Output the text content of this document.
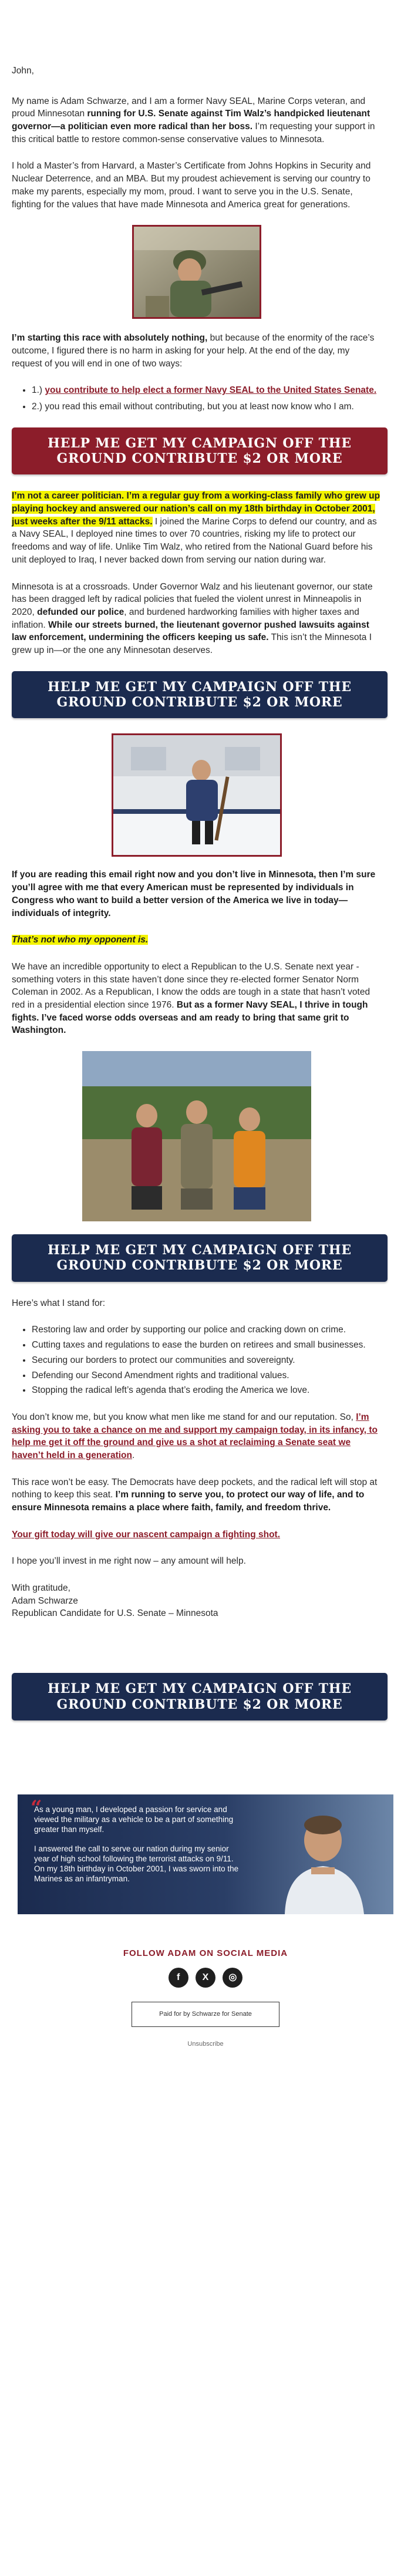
John,

My name is Adam Schwarze, and I am a former Navy SEAL, Marine Corps veteran, and proud Minnesotan running for U.S. Senate against Tim Walz’s handpicked lieutenant governor—a politician even more radical than her boss. I’m requesting your support in this critical battle to restore common-sense conservative values to Minnesota.

I hold a Master’s from Harvard, a Master’s Certificate from Johns Hopkins in Security and Nuclear Deterrence, and an MBA. But my proudest achievement is serving our country to make my parents, especially my mom, proud. I want to serve you in the U.S. Senate, fighting for the values that have made Minnesota and America great for generations.

I’m starting this race with absolutely nothing, but because of the enormity of the race’s outcome, I figured there is no harm in asking for your help. At the end of the day, my request of you will end in one of two ways:

• 1.) you contribute to help elect a former Navy SEAL to the United States Senate.
• 2.) you read this email without contributing, but you at least now know who I am.
HELP ME GET MY CAMPAIGN OFF THE GROUND CONTRIBUTE $2 OR MORE

I’m not a career politician. I’m a regular guy from a working-class family who grew up playing hockey and answered our nation’s call on my 18th birthday in October 2001, just weeks after the 9/11 attacks. I joined the Marine Corps to defend our country, and as a Navy SEAL, I deployed nine times to over 70 countries, risking my life to protect our freedoms and way of life. Unlike Tim Walz, who retired from the National Guard before his unit deployed to Iraq, I never backed down from serving our nation during war.

Minnesota is at a crossroads. Under Governor Walz and his lieutenant governor, our state has been dragged left by radical policies that fueled the violent unrest in Minneapolis in 2020, defunded our police, and burdened hardworking families with higher taxes and inflation. While our streets burned, the lieutenant governor pushed lawsuits against law enforcement, undermining the officers keeping us safe. This isn’t the Minnesota I grew up in—or the one any Minnesotan deserves.

HELP ME GET MY CAMPAIGN OFF THE GROUND CONTRIBUTE $2 OR MORE

If you are reading this email right now and you don’t live in Minnesota, then I’m sure you’ll agree with me that every American must be represented by individuals in Congress who want to build a better version of the America we live in today—individuals of integrity.

That’s not who my opponent is.

We have an incredible opportunity to elect a Republican to the U.S. Senate next year - something voters in this state haven’t done since they re-elected former Senator Norm Coleman in 2002. As a Republican, I know the odds are tough in a state that hasn’t voted red in a presidential election since 1976. But as a former Navy SEAL, I thrive in tough fights. I’ve faced worse odds overseas and am ready to bring that same grit to Washington.

HELP ME GET MY CAMPAIGN OFF THE GROUND CONTRIBUTE $2 OR MORE

Here’s what I stand for:

• Restoring law and order by supporting our police and cracking down on crime.
• Cutting taxes and regulations to ease the burden on retirees and small businesses.
• Securing our borders to protect our communities and sovereignty.
• Defending our Second Amendment rights and traditional values.
• Stopping the radical left’s agenda that’s eroding the America we love.

You don’t know me, but you know what men like me stand for and our reputation. So, I’m asking you to take a chance on me and support my campaign today, in its infancy, to help me get it off the ground and give us a shot at reclaiming a Senate seat we haven’t held in a generation.

This race won’t be easy. The Democrats have deep pockets, and the radical left will stop at nothing to keep this seat. I’m running to serve you, to protect our way of life, and to ensure Minnesota remains a place where faith, family, and freedom thrive.

Your gift today will give our nascent campaign a fighting shot.

I hope you’ll invest in me right now – any amount will help.

With gratitude,

Adam Schwarze

Republican Candidate for U.S. Senate – Minnesota

HELP ME GET MY CAMPAIGN OFF THE GROUND CONTRIBUTE $2 OR MORE
“
As a young man, I developed a passion for service and viewed the military as a vehicle to be a part of something greater than myself.

I answered the call to serve our nation during my senior year of high school following the terrorist attacks on 9/11. On my 18th birthday in October 2001, I was sworn into the Marines as an infantryman.

FOLLOW ADAM ON SOCIAL MEDIA

f X ◎
Paid for by Schwarze for Senate
Unsubscribe
